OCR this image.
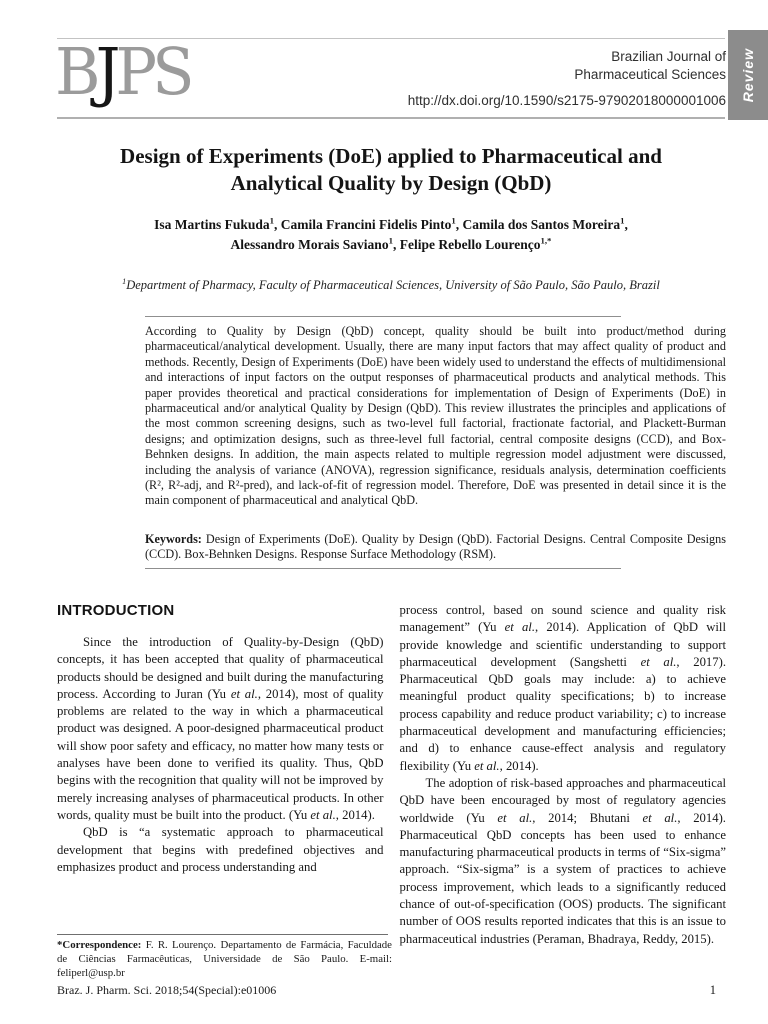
BJPS	Brazilian Journal of
Pharmaceutical Sciences
http://dx.doi.org/10.1590/s2175-97902018000001006 Review
Design of Experiments (DoE) applied to Pharmaceutical and
Analytical Quality by Design (QbD)
Isa Martins Fukuda$^1$, Camila Francini Fidelis Pinto$^1$, Camila dos Santos Moreira$^1$,
Alessandro Morais Saviano$^1$, Felipe Rebello Lourenço$^{1,*}$
$^1$Department of Pharmacy, Faculty of Pharmaceutical Sciences, University of São Paulo, São Paulo, Brazil
According to Quality by Design (QbD) concept, quality should be built into product/method during pharmaceutical/analytical development. Usually, there are many input factors that may affect quality of product and methods. Recently, Design of Experiments (DoE) have been widely used to understand the effects of multidimensional and interactions of input factors on the output responses of pharmaceutical products and analytical methods. This paper provides theoretical and practical considerations for implementation of Design of Experiments (DoE) in pharmaceutical and/or analytical Quality by Design (QbD). This review illustrates the principles and applications of the most common screening designs, such as two-level full factorial, fractionate factorial, and Plackett-Burman designs; and optimization designs, such as three-level full factorial, central composite designs (CCD), and Box-Behnken designs. In addition, the main aspects related to multiple regression model adjustment were discussed, including the analysis of variance (ANOVA), regression significance, residuals analysis, determination coefficients (R², R²-adj, and R²-pred), and lack-of-fit of regression model. Therefore, DoE was presented in detail since it is the main component of pharmaceutical and analytical QbD.
Keywords: Design of Experiments (DoE). Quality by Design (QbD). Factorial Designs. Central Composite Designs (CCD). Box-Behnken Designs. Response Surface Methodology (RSM).
INTRODUCTION

Since the introduction of Quality-by-Design (QbD) concepts, it has been accepted that quality of pharmaceutical products should be designed and built during the manufacturing process. According to Juran (Yu et al., 2014), most of quality problems are related to the way in which a pharmaceutical product was designed. A poor-designed pharmaceutical product will show poor safety and efficacy, no matter how many tests or analyses have been done to verified its quality. Thus, QbD begins with the recognition that quality will not be improved by merely increasing analyses of pharmaceutical products. In other words, quality must be built into the product. (Yu et al., 2014).

QbD is “a systematic approach to pharmaceutical development that begins with predefined objectives and emphasizes product and process understanding and

process control, based on sound science and quality risk management” (Yu et al., 2014). Application of QbD will provide knowledge and scientific understanding to support pharmaceutical development (Sangshetti et al., 2017). Pharmaceutical QbD goals may include: a) to achieve meaningful product quality specifications; b) to increase process capability and reduce product variability; c) to increase pharmaceutical development and manufacturing efficiencies; and d) to enhance cause-effect analysis and regulatory flexibility (Yu et al., 2014).

The adoption of risk-based approaches and pharmaceutical QbD have been encouraged by most of regulatory agencies worldwide (Yu et al., 2014; Bhutani et al., 2014). Pharmaceutical QbD concepts has been used to enhance manufacturing pharmaceutical products in terms of “Six-sigma” approach. “Six-sigma” is a system of practices to achieve process improvement, which leads to a significantly reduced chance of out-of-specification (OOS) products. The significant number of OOS results reported indicates that this is an issue to pharmaceutical industries (Peraman, Bhadraya, Reddy, 2015).

*Correspondence: F. R. Lourenço. Departamento de Farmácia, Faculdade de Ciências Farmacêuticas, Universidade de São Paulo. E-mail: feliperl@usp.br
Braz. J. Pharm. Sci. 2018;54(Special):e01006	1
